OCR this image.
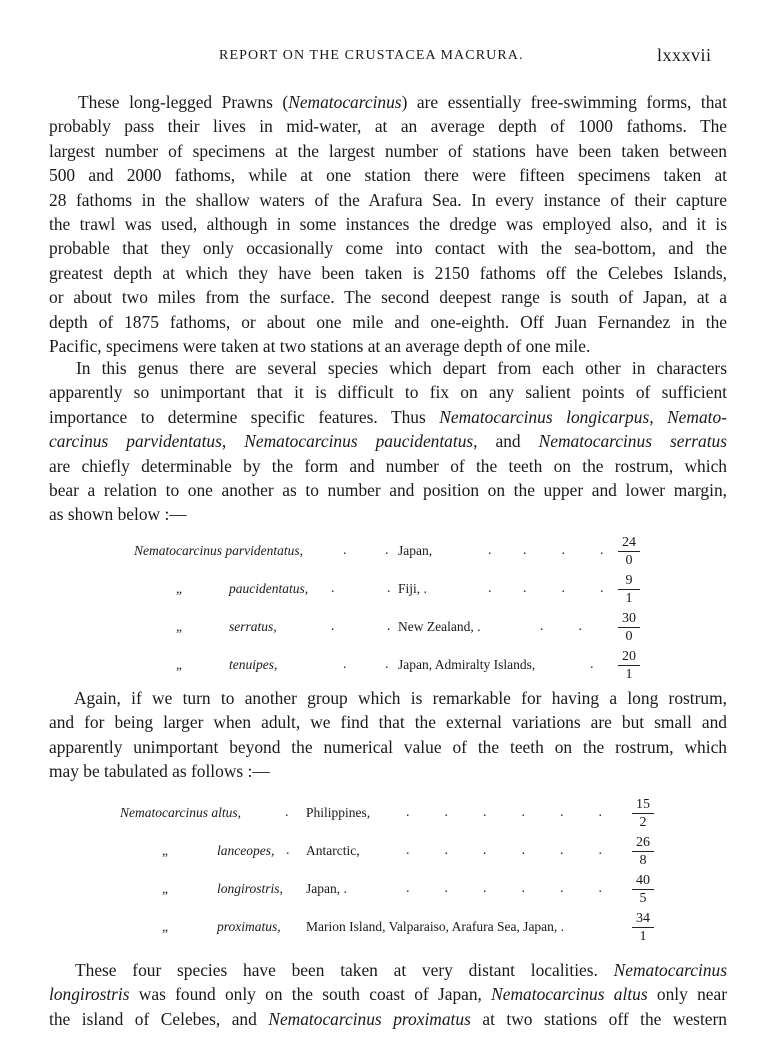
REPORT ON THE CRUSTACEA MACRURA.	lxxxvii
These long-legged Prawns (Nematocarcinus) are essentially free-swimming forms, that
probably pass their lives in mid-water, at an average depth of 1000 fathoms. The
largest number of specimens at the largest number of stations have been taken between
500 and 2000 fathoms, while at one station there were fifteen specimens taken at
28 fathoms in the shallow waters of the Arafura Sea. In every instance of their capture
the trawl was used, although in some instances the dredge was employed also, and it is
probable that they only occasionally come into contact with the sea-bottom, and the
greatest depth at which they have been taken is 2150 fathoms off the Celebes Islands,
or about two miles from the surface. The second deepest range is south of Japan, at a
depth of 1875 fathoms, or about one mile and one-eighth. Off Juan Fernandez in the
Pacific, specimens were taken at two stations at an average depth of one mile.
In this genus there are several species which depart from each other in characters
apparently so unimportant that it is difficult to fix on any salient points of sufficient
importance to determine specific features. Thus Nematocarcinus longicarpus, Nemato-
carcinus parvidentatus, Nematocarcinus paucidentatus, and Nematocarcinus serratus
are chiefly determinable by the form and number of the teeth on the rostrum, which
bear a relation to one another as to number and position on the upper and lower margin,
as shown below :—
Nematocarcinus parvidentatus,	.           . Japan,	.         .          .          . $\frac{24}{0}$
„	paucidentatus, .               . Fiji, .	.         .          .          . $\frac{9}{1}$
„	serratus,	.               . New Zealand, .	.          .	$\frac{30}{0}$
„	tenuipes,	.           . Japan, Admiralty Islands,	. $\frac{20}{1}$
Again, if we turn to another group which is remarkable for having a long rostrum,
and for being larger when adult, we find that the external variations are but small and
apparently unimportant beyond the numerical value of the teeth on the rostrum, which
may be tabulated as follows :—
Nematocarcinus altus,	. Philippines,	.          .          .          .          .          . $\frac{15}{2}$
„	lanceopes, . Antarctic,	.          .          .          .          .          . $\frac{26}{8}$
„	longirostris, Japan, .	.          .          .          .          .          . $\frac{40}{5}$
„	proximatus, Marion Island, Valparaiso, Arafura Sea, Japan, .	$\frac{34}{1}$
These four species have been taken at very distant localities. Nematocarcinus
longirostris was found only on the south coast of Japan, Nematocarcinus altus only near
the island of Celebes, and Nematocarcinus proximatus at two stations off the western
